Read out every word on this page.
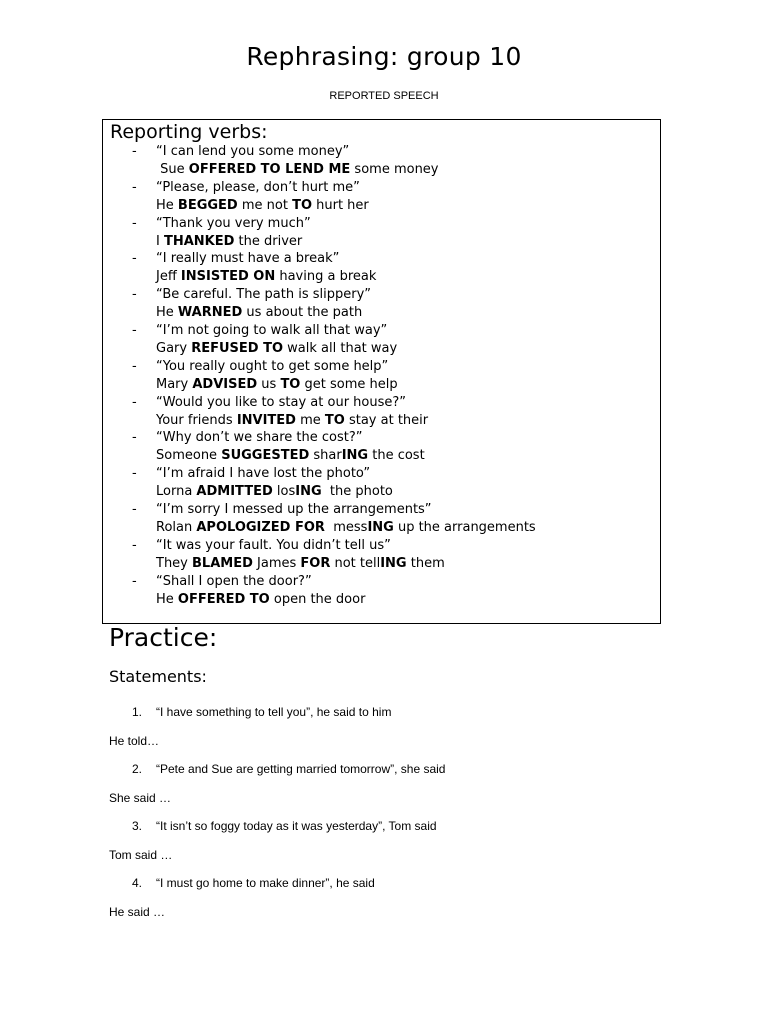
Rephrasing: group 10
REPORTED SPEECH
Reporting verbs:
- “I can lend you some money”
Sue OFFERED TO LEND ME some money
- “Please, please, don’t hurt me”
He BEGGED me not TO hurt her
- “Thank you very much”
I THANKED the driver
- “I really must have a break”
Jeff INSISTED ON having a break
- “Be careful. The path is slippery”
He WARNED us about the path
- “I’m not going to walk all that way”
Gary REFUSED TO walk all that way
- “You really ought to get some help”
Mary ADVISED us TO get some help
- “Would you like to stay at our house?”
Your friends INVITED me TO stay at their
- “Why don’t we share the cost?”
Someone SUGGESTED sharING the cost
- “I’m afraid I have lost the photo”
Lorna ADMITTED losING  the photo
- “I’m sorry I messed up the arrangements”
Rolan APOLOGIZED FOR  messING up the arrangements
- “It was your fault. You didn’t tell us”
They BLAMED James FOR not tellING them
- “Shall I open the door?”
He OFFERED TO open the door
Practice:
Statements:
1. “I have something to tell you”, he said to him
He told…
2. “Pete and Sue are getting married tomorrow”, she said
She said …
3. “It isn’t so foggy today as it was yesterday”, Tom said
Tom said …
4. “I must go home to make dinner”, he said
He said …
